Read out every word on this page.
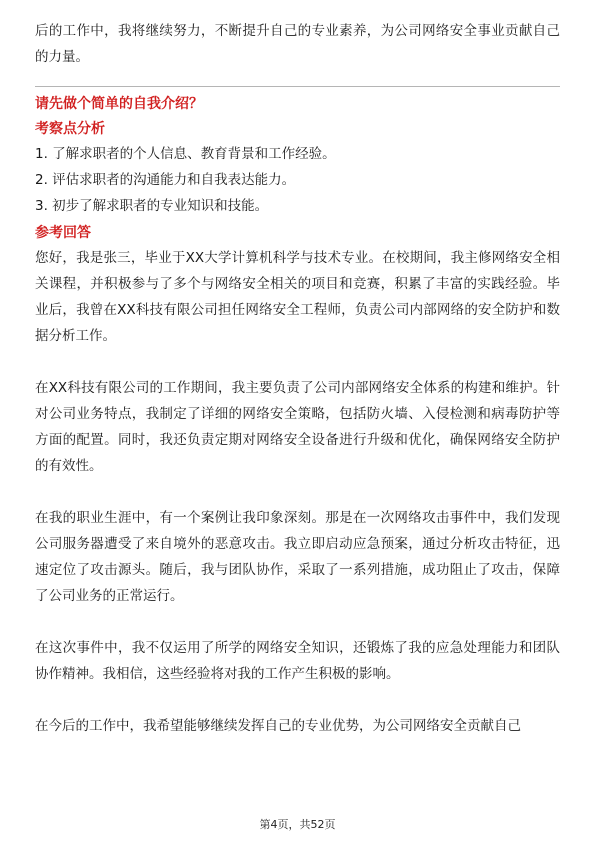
后的工作中，我将继续努力，不断提升自己的专业素养，为公司网络安全事业贡献自己的力量。

请先做个简单的自我介绍？

考察点分析

1. 了解求职者的个人信息、教育背景和工作经验。

2. 评估求职者的沟通能力和自我表达能力。

3. 初步了解求职者的专业知识和技能。

参考回答

您好，我是张三，毕业于XX大学计算机科学与技术专业。在校期间，我主修网络安全相关课程，并积极参与了多个与网络安全相关的项目和竞赛，积累了丰富的实践经验。毕业后，我曾在XX科技有限公司担任网络安全工程师，负责公司内部网络的安全防护和数据分析工作。

在XX科技有限公司的工作期间，我主要负责了公司内部网络安全体系的构建和维护。针对公司业务特点，我制定了详细的网络安全策略，包括防火墙、入侵检测和病毒防护等方面的配置。同时，我还负责定期对网络安全设备进行升级和优化，确保网络安全防护的有效性。

在我的职业生涯中，有一个案例让我印象深刻。那是在一次网络攻击事件中，我们发现公司服务器遭受了来自境外的恶意攻击。我立即启动应急预案，通过分析攻击特征，迅速定位了攻击源头。随后，我与团队协作，采取了一系列措施，成功阻止了攻击，保障了公司业务的正常运行。

在这次事件中，我不仅运用了所学的网络安全知识，还锻炼了我的应急处理能力和团队协作精神。我相信，这些经验将对我的工作产生积极的影响。

在今后的工作中，我希望能够继续发挥自己的专业优势，为公司网络安全贡献自己

第4页，共52页
